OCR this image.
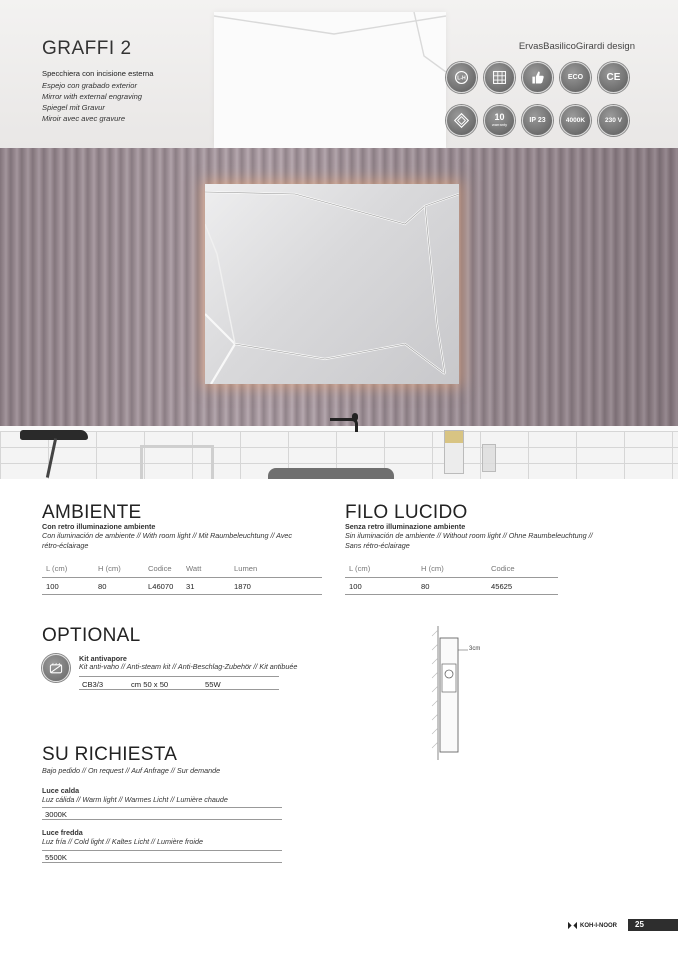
GRAFFI 2
Specchiera con incisione esterna
Espejo con grabado exterior
Mirror with external engraving
Spiegel mit Gravur
Miroir avec avec gravure
ErvasBasilicoGirardi design
L-H	ECO CE
10
warranty	IP 23	4000K	230 V
AMBIENTE
Con retro illuminazione ambiente
Con iluminación de ambiente // With room light // Mit Raumbeleuchtung // Avec
rétro-éclairage
L (cm)	H (cm)	Codice	Watt	Lumen
100	80	L46070	31	1870
FILO LUCIDO
Senza retro illuminazione ambiente
Sin iluminación de ambiente // Without room light // Ohne Raumbeleuchtung //
Sans rétro-éclairage
L (cm)	H (cm)	Codice
100	80	45625
OPTIONAL
Kit antivapore
Kit anti-vaho // Anti-steam kit // Anti-Beschlag-Zubehör // Kit antibuée
CB3/3	cm 50 x 50	55W
3cm
SU RICHIESTA
Bajo pedido // On request // Auf Anfrage // Sur demande
Luce calda
Luz cálida // Warm light // Warmes Licht // Lumière chaude
3000K
Luce fredda
Luz fría // Cold light // Kaltes Licht // Lumière froide
5500K
KOH-I-NOOR	25
